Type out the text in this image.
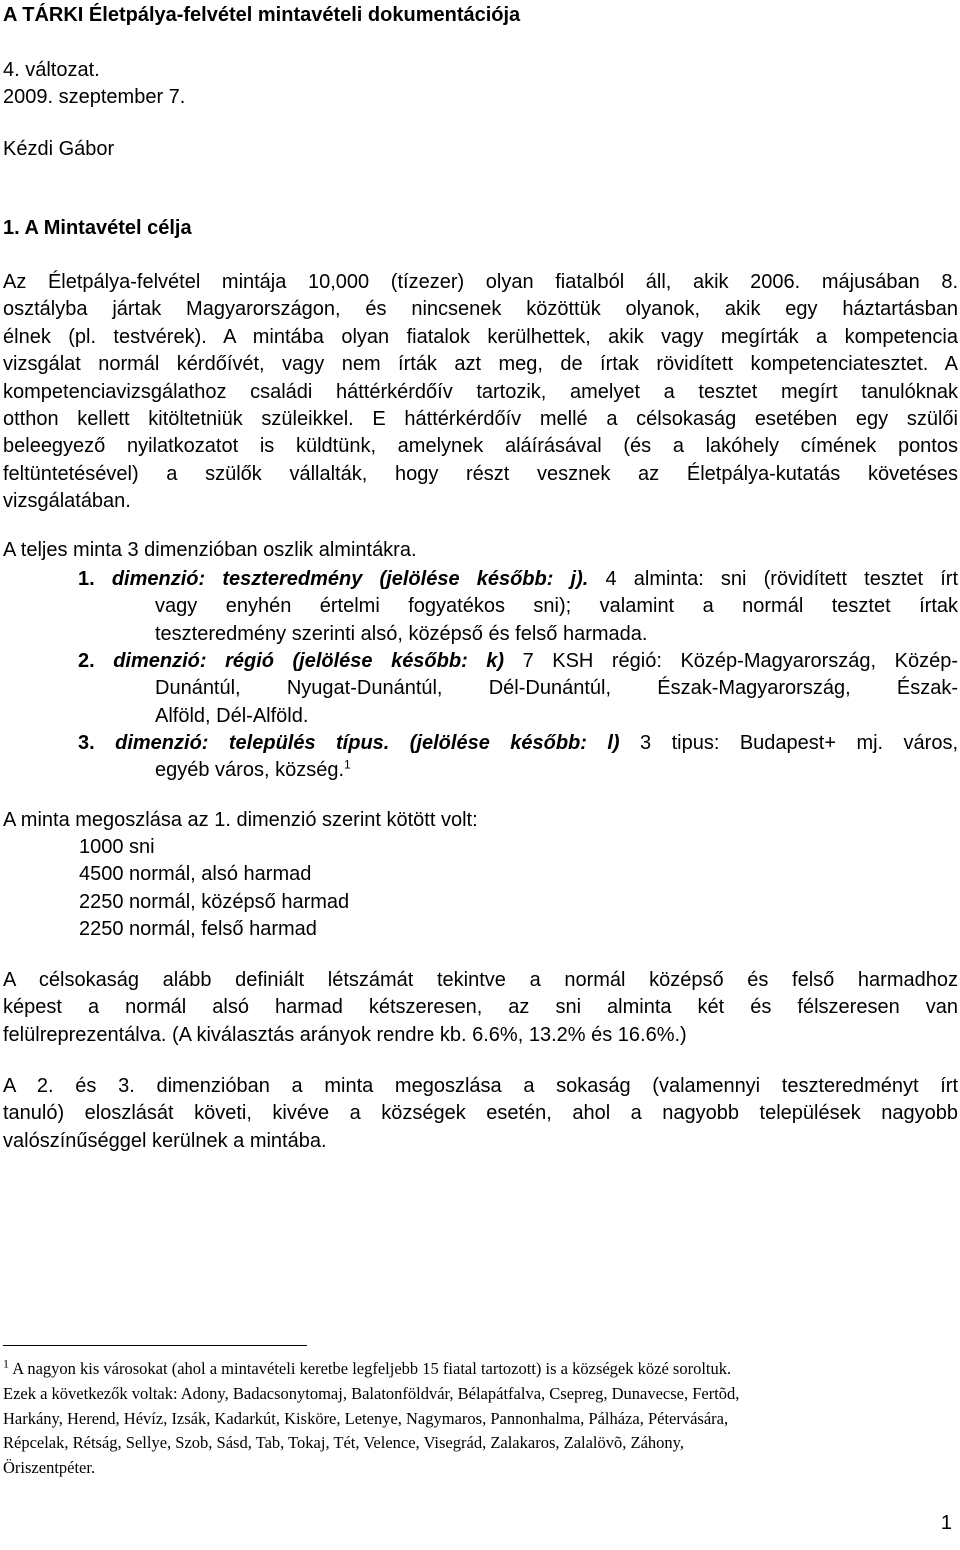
A TÁRKI Életpálya-felvétel mintavételi dokumentációja
4. változat.
2009. szeptember 7.
Kézdi Gábor
1. A Mintavétel célja
Az Életpálya-felvétel mintája 10,000 (tízezer) olyan fiatalból áll, akik 2006. májusában 8.
osztályba jártak Magyarországon, és nincsenek közöttük olyanok, akik egy háztartásban
élnek (pl. testvérek). A mintába olyan fiatalok kerülhettek, akik vagy megírták a kompetencia
vizsgálat normál kérdőívét, vagy nem írták azt meg, de írtak rövidített kompetenciatesztet. A
kompetenciavizsgálathoz családi háttérkérdőív tartozik, amelyet a tesztet megírt tanulóknak
otthon kellett kitöltetniük szüleikkel. E háttérkérdőív mellé a célsokaság esetében egy szülői
beleegyező nyilatkozatot is küldtünk, amelynek aláírásával (és a lakóhely címének pontos
feltüntetésével) a szülők vállalták, hogy részt vesznek az Életpálya-kutatás követéses
vizsgálatában.
A teljes minta 3 dimenzióban oszlik almintákra.
1. dimenzió: teszteredmény (jelölése később: j). 4 alminta: sni (rövidített tesztet írt
vagy enyhén értelmi fogyatékos sni); valamint a normál tesztet írtak
teszteredmény szerinti alsó, középső és felső harmada.
2. dimenzió: régió (jelölése később: k) 7 KSH régió: Közép-Magyarország, Közép-
Dunántúl, Nyugat-Dunántúl, Dél-Dunántúl, Észak-Magyarország, Észak-
Alföld, Dél-Alföld.
3. dimenzió: település típus. (jelölése később: l) 3 tipus: Budapest+ mj. város,
egyéb város, község.$^1$
A minta megoszlása az 1. dimenzió szerint kötött volt:
1000 sni
4500 normál, alsó harmad
2250 normál, középső harmad
2250 normál, felső harmad
A célsokaság alább definiált létszámát tekintve a normál középső és felső harmadhoz
képest a normál alsó harmad kétszeresen, az sni alminta két és félszeresen van
felülreprezentálva. (A kiválasztás arányok rendre kb. 6.6%, 13.2% és 16.6%.)
A 2. és 3. dimenzióban a minta megoszlása a sokaság (valamennyi teszteredményt írt
tanuló) eloszlását követi, kivéve a községek esetén, ahol a nagyobb települések nagyobb
valószínűséggel kerülnek a mintába.
$^1$ A nagyon kis városokat (ahol a mintavételi keretbe legfeljebb 15 fiatal tartozott) is a községek közé soroltuk.
Ezek a következők voltak: Adony, Badacsonytomaj, Balatonföldvár, Bélapátfalva, Csepreg, Dunavecse, Fertõd,
Harkány, Herend, Hévíz, Izsák, Kadarkút, Kisköre, Letenye, Nagymaros, Pannonhalma, Pálháza, Pétervására,
Répcelak, Rétság, Sellye, Szob, Sásd, Tab, Tokaj, Tét, Velence, Visegrád, Zalakaros, Zalalövõ, Záhony,
Öriszentpéter.
1
